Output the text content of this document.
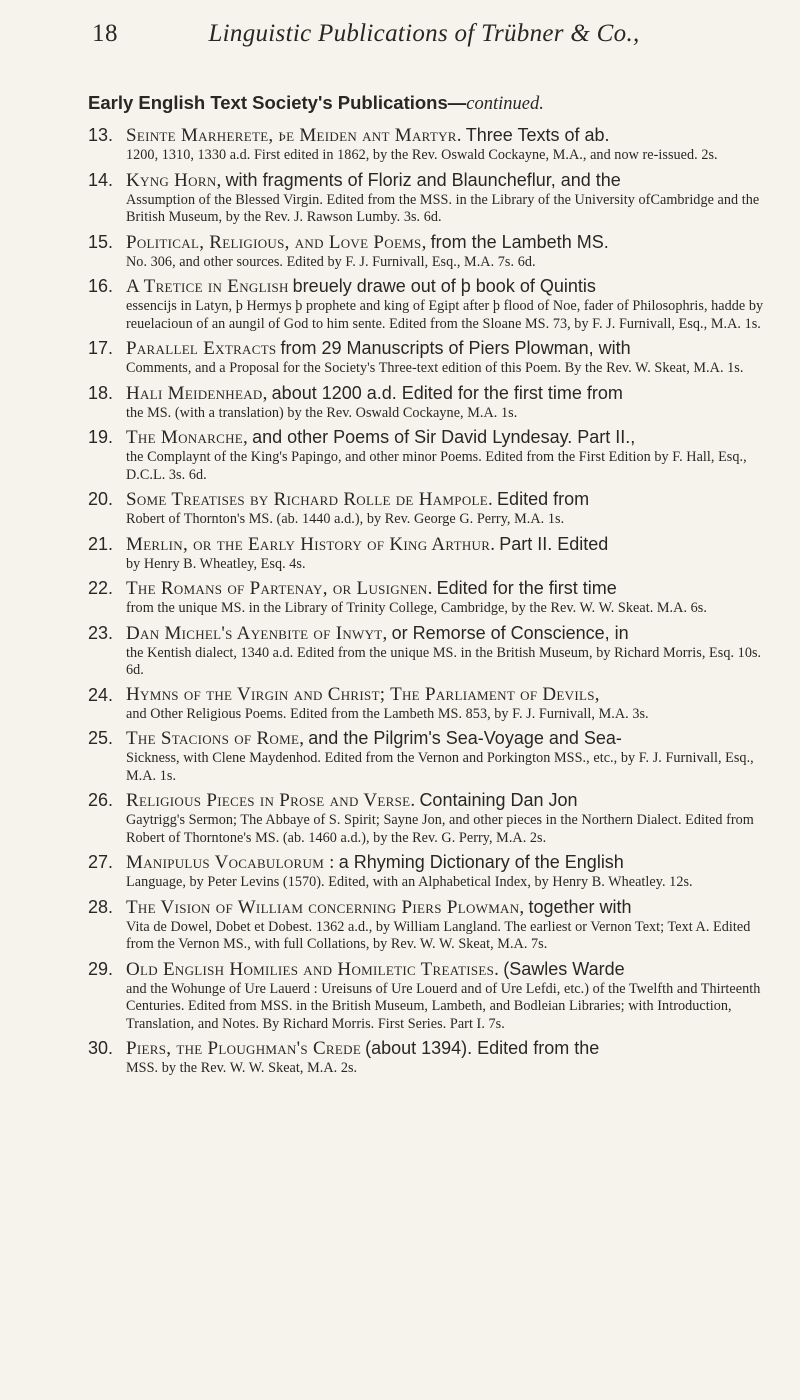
18	Linguistic Publications of Trübner & Co.,
Early English Text Society's Publications—continued.
13. Seinte Marherete, þe Meiden ant Martyr. Three Texts of ab.
1200, 1310, 1330 a.d. First edited in 1862, by the Rev. Oswald Cockayne, M.A., and now re-issued. 2s.
14. Kyng Horn, with fragments of Floriz and Blauncheflur, and the
Assumption of the Blessed Virgin. Edited from the MSS. in the Library of the University ofCambridge and the British Museum, by the Rev. J. Rawson Lumby. 3s. 6d.
15. Political, Religious, and Love Poems, from the Lambeth MS.
No. 306, and other sources. Edited by F. J. Furnivall, Esq., M.A. 7s. 6d.
16. A Tretice in English breuely drawe out of þ book of Quintis
essencijs in Latyn, þ Hermys þ prophete and king of Egipt after þ flood of Noe, fader of Philosophris, hadde by reuelacioun of an aungil of God to him sente. Edited from the Sloane MS. 73, by F. J. Furnivall, Esq., M.A. 1s.
17. Parallel Extracts from 29 Manuscripts of Piers Plowman, with
Comments, and a Proposal for the Society's Three-text edition of this Poem. By the Rev. W. Skeat, M.A. 1s.
18. Hali Meidenhead, about 1200 a.d. Edited for the first time from
the MS. (with a translation) by the Rev. Oswald Cockayne, M.A. 1s.
19. The Monarche, and other Poems of Sir David Lyndesay. Part II.,
the Complaynt of the King's Papingo, and other minor Poems. Edited from the First Edition by F. Hall, Esq., D.C.L. 3s. 6d.
20. Some Treatises by Richard Rolle de Hampole. Edited from
Robert of Thornton's MS. (ab. 1440 a.d.), by Rev. George G. Perry, M.A. 1s.
21. Merlin, or the Early History of King Arthur. Part II. Edited
by Henry B. Wheatley, Esq. 4s.
22. The Romans of Partenay, or Lusignen. Edited for the first time
from the unique MS. in the Library of Trinity College, Cambridge, by the Rev. W. W. Skeat. M.A. 6s.
23. Dan Michel's Ayenbite of Inwyt, or Remorse of Conscience, in
the Kentish dialect, 1340 a.d. Edited from the unique MS. in the British Museum, by Richard Morris, Esq. 10s. 6d.
24. Hymns of the Virgin and Christ; The Parliament of Devils,
and Other Religious Poems. Edited from the Lambeth MS. 853, by F. J. Furnivall, M.A. 3s.
25. The Stacions of Rome, and the Pilgrim's Sea-Voyage and Sea-
Sickness, with Clene Maydenhod. Edited from the Vernon and Porkington MSS., etc., by F. J. Furnivall, Esq., M.A. 1s.
26. Religious Pieces in Prose and Verse. Containing Dan Jon
Gaytrigg's Sermon; The Abbaye of S. Spirit; Sayne Jon, and other pieces in the Northern Dialect. Edited from Robert of Thorntone's MS. (ab. 1460 a.d.), by the Rev. G. Perry, M.A. 2s.
27. Manipulus Vocabulorum : a Rhyming Dictionary of the English
Language, by Peter Levins (1570). Edited, with an Alphabetical Index, by Henry B. Wheatley. 12s.
28. The Vision of William concerning Piers Plowman, together with
Vita de Dowel, Dobet et Dobest. 1362 a.d., by William Langland. The earliest or Vernon Text; Text A. Edited from the Vernon MS., with full Collations, by Rev. W. W. Skeat, M.A. 7s.
29. Old English Homilies and Homiletic Treatises. (Sawles Warde
and the Wohunge of Ure Lauerd : Ureisuns of Ure Louerd and of Ure Lefdi, etc.) of the Twelfth and Thirteenth Centuries. Edited from MSS. in the British Museum, Lambeth, and Bodleian Libraries; with Introduction, Translation, and Notes. By Richard Morris. First Series. Part I. 7s.
30. Piers, the Ploughman's Crede (about 1394). Edited from the
MSS. by the Rev. W. W. Skeat, M.A. 2s.
